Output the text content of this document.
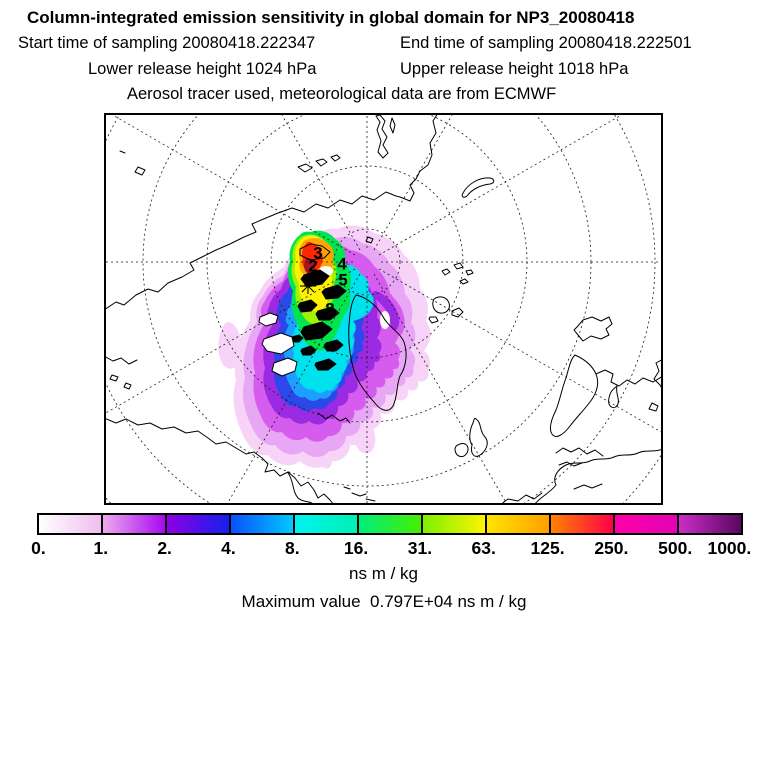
Column-integrated emission sensitivity in global domain for NP3_20080418
Start time of sampling 20080418.222347	End time of sampling 20080418.222501
Lower release height 1024 hPa	Upper release height 1018 hPa
Aerosol tracer used, meteorological data are from ECMWF
3
2 4
1 5
6
8
0.	1.	2.	4.	8.	16. 31. 63. 125. 250. 500. 1000.
ns m / kg
Maximum value  0.797E+04 ns m / kg
